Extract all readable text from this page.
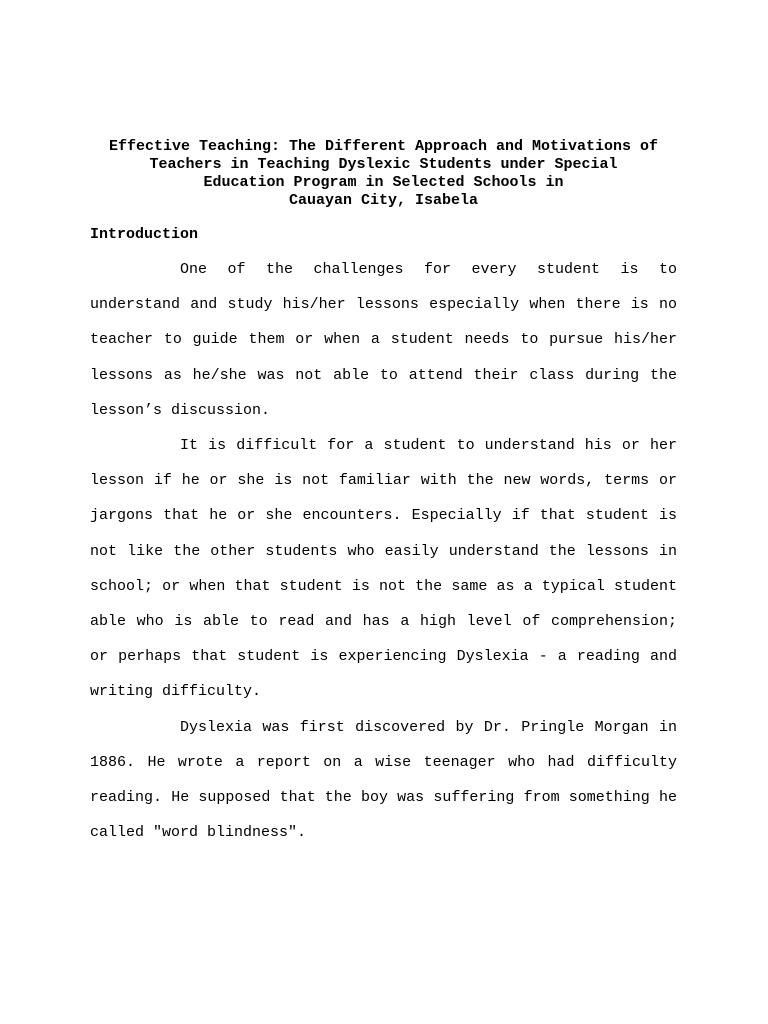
Effective Teaching: The Different Approach and Motivations of
Teachers in Teaching Dyslexic Students under Special
Education Program in Selected Schools in
Cauayan City, Isabela
Introduction

One of the challenges for every student is to understand and study his/her lessons especially when there is no teacher to guide them or when a student needs to pursue his/her lessons as he/she was not able to attend their class during the lesson’s discussion.

It is difficult for a student to understand his or her lesson if he or she is not familiar with the new words, terms or jargons that he or she encounters. Especially if that student is not like the other students who easily understand the lessons in school; or when that student is not the same as a typical student able who is able to read and has a high level of comprehension; or perhaps that student is experiencing Dyslexia - a reading and writing difficulty.

Dyslexia was first discovered by Dr. Pringle Morgan in 1886. He wrote a report on a wise teenager who had difficulty reading. He supposed that the boy was suffering from something he called "word blindness".
